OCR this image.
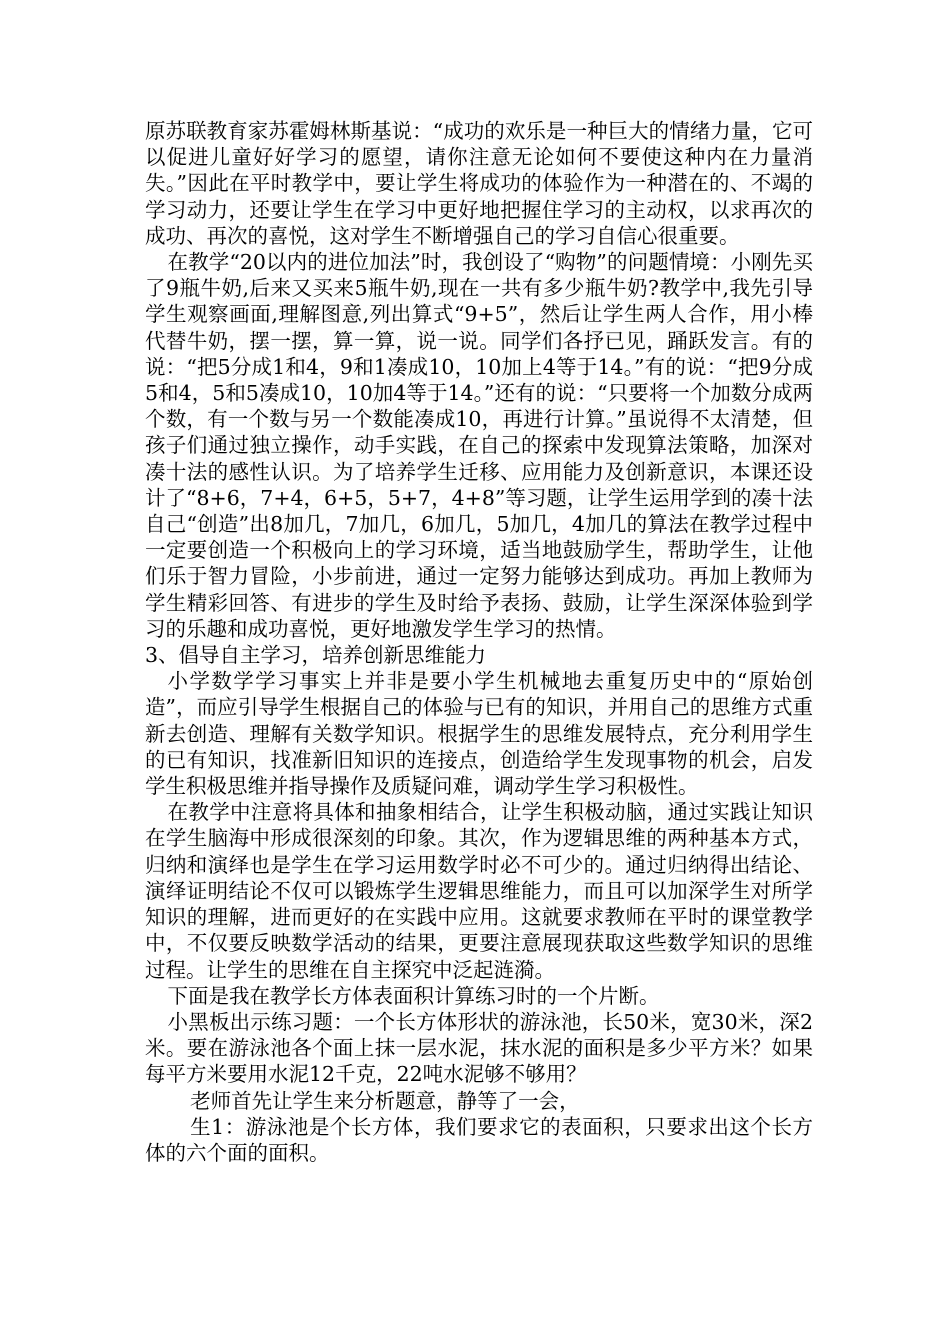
原苏联教育家苏霍姆林斯基说：“成功的欢乐是一种巨大的情绪力量，它可以促进儿童好好学习的愿望，请你注意无论如何不要使这种内在力量消失。”因此在平时教学中，要让学生将成功的体验作为一种潜在的、不竭的学习动力，还要让学生在学习中更好地把握住学习的主动权，以求再次的成功、再次的喜悦，这对学生不断增强自己的学习自信心很重要。

在教学“20以内的进位加法”时，我创设了“购物”的问题情境：小刚先买了9瓶牛奶,后来又买来5瓶牛奶,现在一共有多少瓶牛奶?教学中,我先引导学生观察画面,理解图意,列出算式“9+5”，然后让学生两人合作，用小棒代替牛奶，摆一摆，算一算，说一说。同学们各抒已见，踊跃发言。有的说：“把5分成1和4，9和1凑成10，10加上4等于14。”有的说：“把9分成5和4，5和5凑成10，10加4等于14。”还有的说：“只要将一个加数分成两个数，有一个数与另一个数能凑成10，再进行计算。”虽说得不太清楚，但孩子们通过独立操作，动手实践，在自己的探索中发现算法策略，加深对凑十法的感性认识。为了培养学生迁移、应用能力及创新意识，本课还设计了“8+6，7+4，6+5，5+7，4+8”等习题，让学生运用学到的凑十法自己“创造”出8加几，7加几，6加几，5加几，4加几的算法在教学过程中一定要创造一个积极向上的学习环境，适当地鼓励学生，帮助学生，让他们乐于智力冒险，小步前进，通过一定努力能够达到成功。再加上教师为学生精彩回答、有进步的学生及时给予表扬、鼓励，让学生深深体验到学习的乐趣和成功喜悦，更好地激发学生学习的热情。

3、倡导自主学习，培养创新思维能力

小学数学学习事实上并非是要小学生机械地去重复历史中的“原始创造”，而应引导学生根据自己的体验与已有的知识，并用自己的思维方式重新去创造、理解有关数学知识。根据学生的思维发展特点，充分利用学生的已有知识，找准新旧知识的连接点，创造给学生发现事物的机会，启发学生积极思维并指导操作及质疑问难，调动学生学习积极性。

在教学中注意将具体和抽象相结合，让学生积极动脑，通过实践让知识在学生脑海中形成很深刻的印象。其次，作为逻辑思维的两种基本方式，归纳和演绎也是学生在学习运用数学时必不可少的。通过归纳得出结论、演绎证明结论不仅可以锻炼学生逻辑思维能力，而且可以加深学生对所学知识的理解，进而更好的在实践中应用。这就要求教师在平时的课堂教学中，不仅要反映数学活动的结果，更要注意展现获取这些数学知识的思维过程。让学生的思维在自主探究中泛起涟漪。

下面是我在教学长方体表面积计算练习时的一个片断。

小黑板出示练习题：一个长方体形状的游泳池，长50米，宽30米，深2米。要在游泳池各个面上抹一层水泥，抹水泥的面积是多少平方米？如果每平方米要用水泥12千克，22吨水泥够不够用？

老师首先让学生来分析题意，静等了一会，

生1：游泳池是个长方体，我们要求它的表面积，只要求出这个长方体的六个面的面积。
